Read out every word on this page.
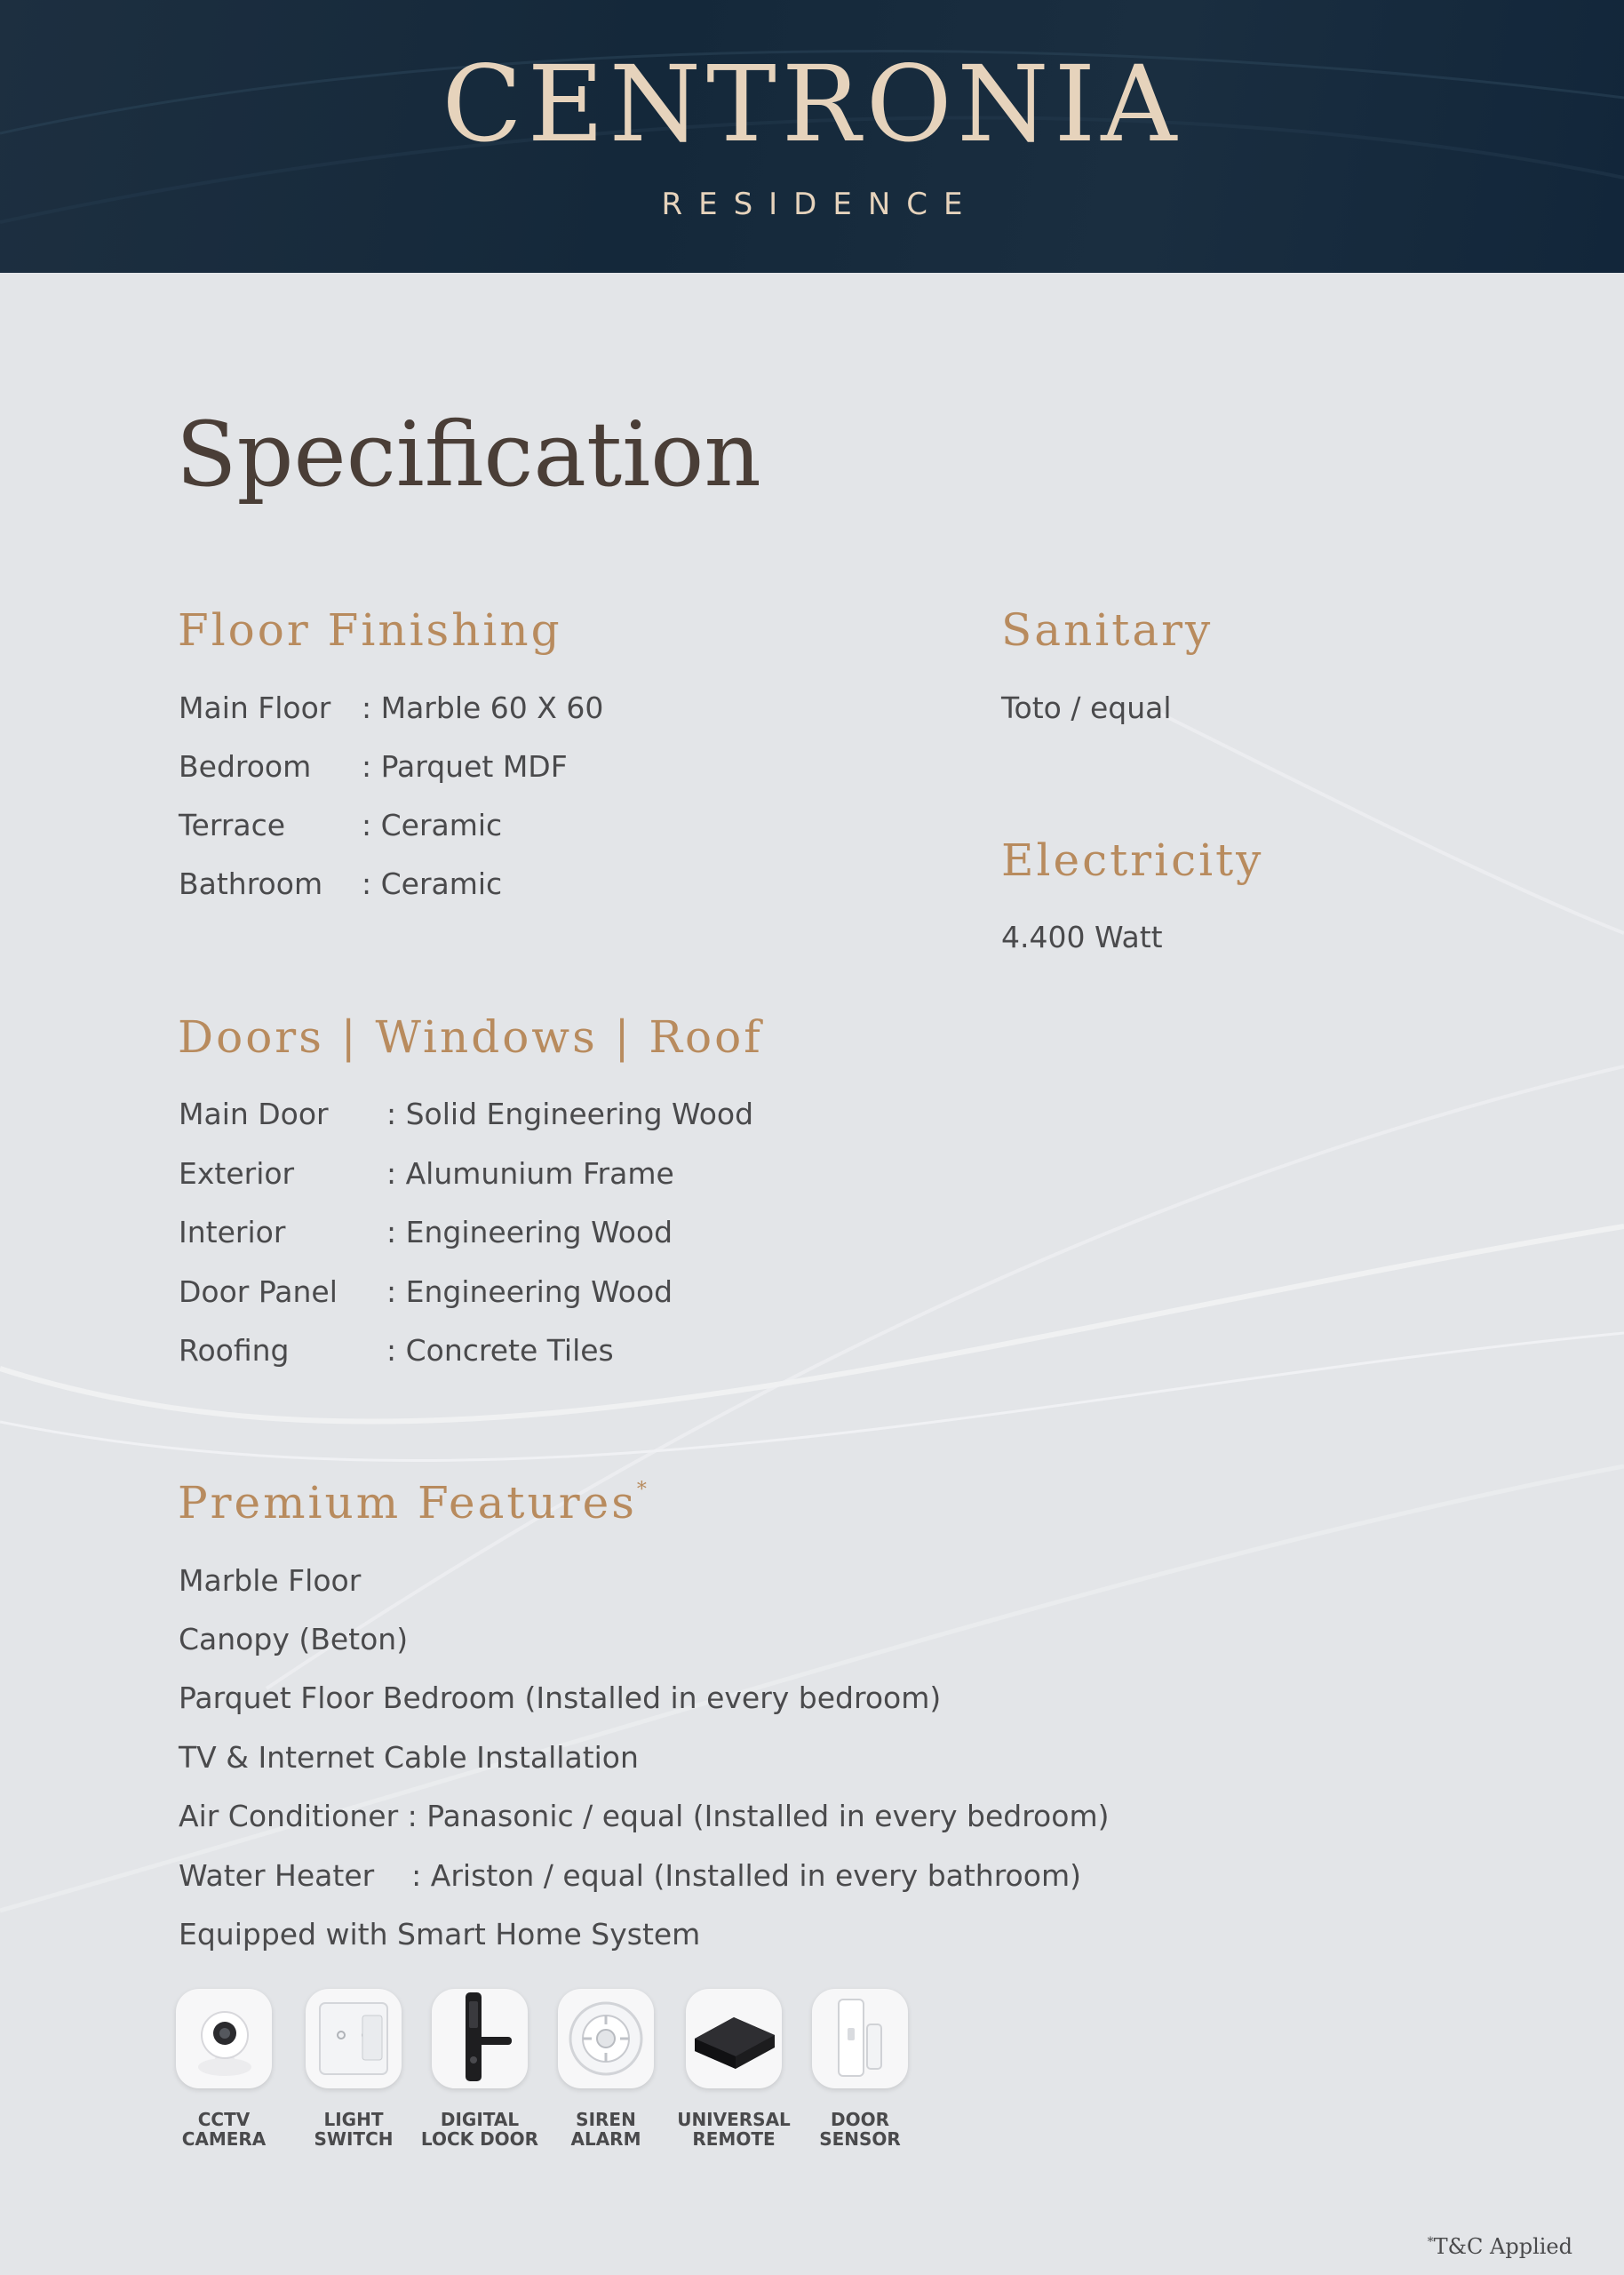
CENTRONIA
RESIDENCE
Specification
Floor Finishing
Main Floor : Marble 60 X 60
Bedroom : Parquet MDF
Terrace	: Ceramic
Bathroom : Ceramic
Sanitary
Toto / equal
Electricity
4.400 Watt
Doors | Windows | Roof
Main Door : Solid Engineering Wood
Exterior	: Alumunium Frame
Interior	: Engineering Wood
Door Panel : Engineering Wood
Roofing	: Concrete Tiles
Premium Features*
Marble Floor
Canopy (Beton)
Parquet Floor Bedroom (Installed in every bedroom)
TV & Internet Cable Installation
Air Conditioner : Panasonic / equal (Installed in every bedroom)
Water Heater    : Ariston / equal (Installed in every bathroom)
Equipped with Smart Home System
CCTV
CAMERA
LIGHT
SWITCH
DIGITAL
LOCK DOOR
SIREN
ALARM
UNIVERSAL
REMOTE
DOOR
SENSOR
*T&C Applied
